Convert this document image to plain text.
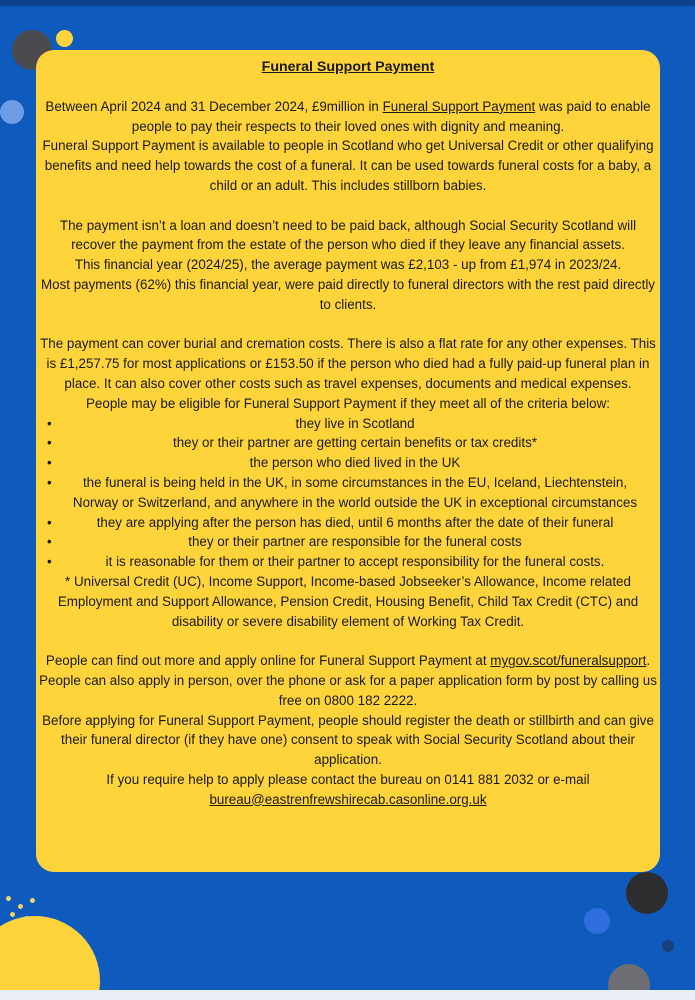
Funeral Support Payment

Between April 2024 and 31 December 2024, £9million in Funeral Support Payment was paid to enable people to pay their respects to their loved ones with dignity and meaning.

Funeral Support Payment is available to people in Scotland who get Universal Credit or other qualifying benefits and need help towards the cost of a funeral. It can be used towards funeral costs for a baby, a child or an adult. This includes stillborn babies.

The payment isn’t a loan and doesn’t need to be paid back, although Social Security Scotland will recover the payment from the estate of the person who died if they leave any financial assets.

This financial year (2024/25), the average payment was £2,103 - up from £1,974 in 2023/24.

Most payments (62%) this financial year, were paid directly to funeral directors with the rest paid directly to clients.

The payment can cover burial and cremation costs. There is also a flat rate for any other expenses. This is £1,257.75 for most applications or £153.50 if the person who died had a fully paid-up funeral plan in place. It can also cover other costs such as travel expenses, documents and medical expenses.

People may be eligible for Funeral Support Payment if they meet all of the criteria below:

• they live in Scotland
• they or their partner are getting certain benefits or tax credits*
• the person who died lived in the UK
• the funeral is being held in the UK, in some circumstances in the EU, Iceland, Liechtenstein, Norway or Switzerland, and anywhere in the world outside the UK in exceptional circumstances
• they are applying after the person has died, until 6 months after the date of their funeral
• they or their partner are responsible for the funeral costs
• it is reasonable for them or their partner to accept responsibility for the funeral costs.

* Universal Credit (UC), Income Support, Income-based Jobseeker’s Allowance, Income related Employment and Support Allowance, Pension Credit, Housing Benefit, Child Tax Credit (CTC) and disability or severe disability element of Working Tax Credit.

People can find out more and apply online for Funeral Support Payment at mygov.scot/funeralsupport. People can also apply in person, over the phone or ask for a paper application form by post by calling us free on 0800 182 2222.

Before applying for Funeral Support Payment, people should register the death or stillbirth and can give their funeral director (if they have one) consent to speak with Social Security Scotland about their application.

If you require help to apply please contact the bureau on 0141 881 2032 or e-mail

bureau@eastrenfrewshirecab.casonline.org.uk
